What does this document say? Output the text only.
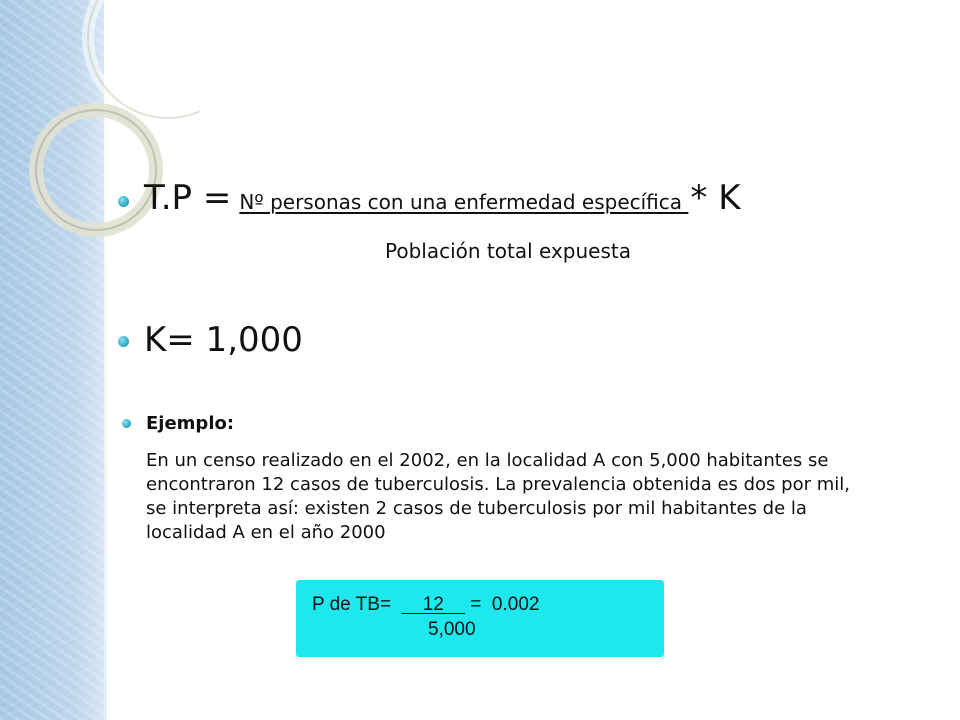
T.P = Nº personas con una enfermedad específica * K
Población total expuesta
K= 1,000
Ejemplo:

En un censo realizado en el 2002, en la localidad A con 5,000 habitantes se
encontraron 12 casos de tuberculosis. La prevalencia obtenida es dos por mil,
se interpreta así: existen 2 casos de tuberculosis por mil habitantes de la
localidad A en el año 2000

P de TB=      12     =  0.002
5,000
